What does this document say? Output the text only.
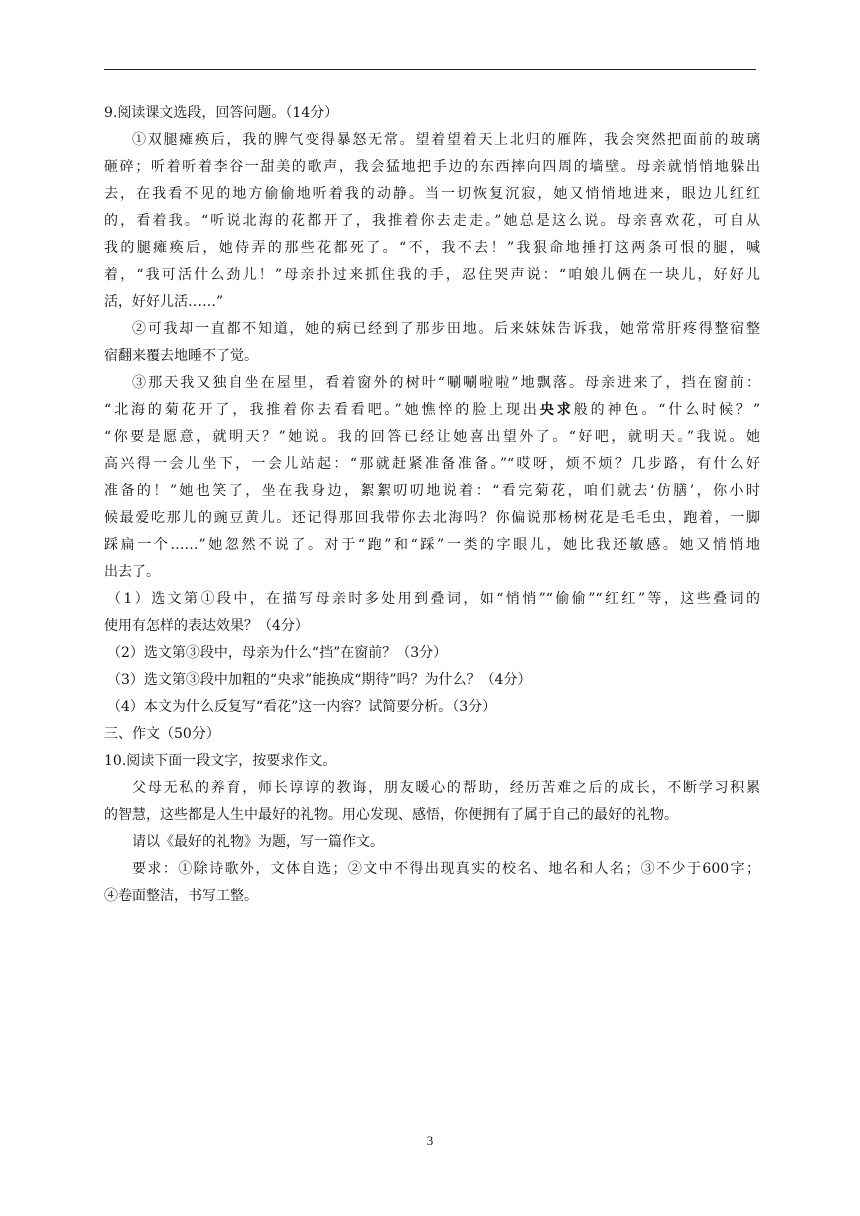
9.阅读课文选段，回答问题。（14分）
①双腿瘫痪后，我的脾气变得暴怒无常。望着望着天上北归的雁阵，我会突然把面前的玻璃
砸碎；听着听着李谷一甜美的歌声，我会猛地把手边的东西摔向四周的墙壁。母亲就悄悄地躲出
去，在我看不见的地方偷偷地听着我的动静。当一切恢复沉寂，她又悄悄地进来，眼边儿红红
的，看着我。“听说北海的花都开了，我推着你去走走。”她总是这么说。母亲喜欢花，可自从
我的腿瘫痪后，她侍弄的那些花都死了。“不，我不去！”我狠命地捶打这两条可恨的腿，喊
着，“我可活什么劲儿！”母亲扑过来抓住我的手，忍住哭声说：“咱娘儿俩在一块儿，好好儿
活，好好儿活……”
②可我却一直都不知道，她的病已经到了那步田地。后来妹妹告诉我，她常常肝疼得整宿整
宿翻来覆去地睡不了觉。
③那天我又独自坐在屋里，看着窗外的树叶“唰唰啦啦”地飘落。母亲进来了，挡在窗前：
“北海的菊花开了，我推着你去看看吧。”她憔悴的脸上现出央求般的神色。“什么时候？”
“你要是愿意，就明天？”她说。我的回答已经让她喜出望外了。“好吧，就明天。”我说。她
高兴得一会儿坐下，一会儿站起：“那就赶紧准备准备。”“哎呀，烦不烦？几步路，有什么好
准备的！”她也笑了，坐在我身边，絮絮叨叨地说着：“看完菊花，咱们就去‘仿膳’，你小时
候最爱吃那儿的豌豆黄儿。还记得那回我带你去北海吗？你偏说那杨树花是毛毛虫，跑着，一脚
踩扁一个……”她忽然不说了。对于“跑”和“踩”一类的字眼儿，她比我还敏感。她又悄悄地
出去了。
（1）选文第①段中，在描写母亲时多处用到叠词，如“悄悄”“偷偷”“红红”等，这些叠词的
使用有怎样的表达效果？（4分）
（2）选文第③段中，母亲为什么“挡”在窗前？（3分）
（3）选文第③段中加粗的“央求”能换成“期待”吗？为什么？（4分）
（4）本文为什么反复写“看花”这一内容？试简要分析。（3分）
三、作文（50分）
10.阅读下面一段文字，按要求作文。
父母无私的养育，师长谆谆的教诲，朋友暖心的帮助，经历苦难之后的成长，不断学习积累
的智慧，这些都是人生中最好的礼物。用心发现、感悟，你便拥有了属于自己的最好的礼物。
请以《最好的礼物》为题，写一篇作文。
要求：①除诗歌外，文体自选；②文中不得出现真实的校名、地名和人名；③不少于600字；
④卷面整洁，书写工整。
3
